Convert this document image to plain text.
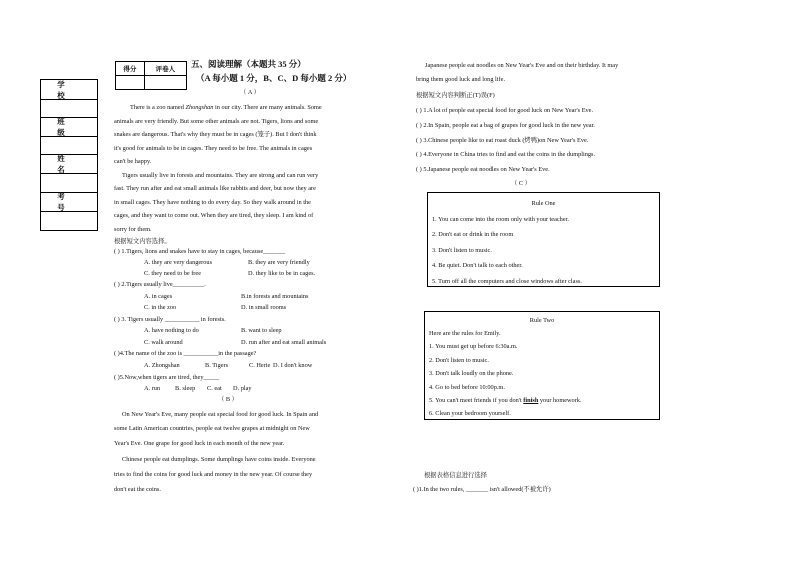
学 校
班 级
姓 名
考 号
得分	评卷人

五、阅读理解（本题共 35 分）
（A 每小题 1 分，B、C、D 每小题 2 分）
（ A ）
There is a zoo named Zhongshan in our city. There are many animals. Some
animals are very friendly. But some other animals are not. Tigers, lions and some
snakes are dangerous. That's why they must be in cages (笼子). But I don't think
it's good for animals to be in cages. They need to be free. The animals in cages
can't be happy.
Tigers usually live in forests and mountains. They are strong and can run very
fast. They run after and eat small animals like rabbits and deer, but now they are
in small cages. They have nothing to do every day. So they walk around in the
cages, and they want to come out. When they are tired, they sleep. I am kind of
sorry for them.
根据短文内容选择。
( ) 1.Tigers, lions and snakes have to stay in cages, because_______
A. they are very dangerous	B. they are very friendly
C. they need to be free	D. they like to be in cages.
( ) 2.Tigers usually live__________.
A. in cages	B.in forests and mountains
C. in the zoo	D. in small rooms
( ) 3. Tigers usually ___________ in forests.
A. have nothing to do	B. want to sleep
C. walk around	D. run after and eat small animals
( )4.The name of the zoo is ___________in the passage?
A. Zhongshan	B. Tigers	C. Herie D. I don't know
( )5.Now,when tigers are tired, they_____
A. run B. sleep C. eat D. play
（ B ）
On New Year's Eve, many people eat special food for good luck. In Spain and
some Latin American countries, people eat twelve grapes at midnight on New
Year's Eve. One grape for good luck in each month of the new year.
Chinese people eat dumplings. Some dumplings have coins inside. Everyone
tries to find the coins for good luck and money in the new year. Of course they
don't eat the coins.
Japanese people eat noodles on New Year's Eve and on their birthday. It may
bring them good luck and long life.
根据短文内容判断正(T)误(F)
( ) 1.A lot of people eat special food for good luck on New Year's Eve.
( ) 2.In Spain, people eat a bag of grapes for good luck in the new year.
( ) 3.Chinese people like to eat roast duck (烤鸭)on New Year's Eve.
( ) 4.Everyone in China tries to find and eat the coins in the dumplings.
( ) 5.Japanese people eat noodles on New Year's Eve.
（ C ）
Rule One
1. You can come into the room only with your teacher.
2. Don't eat or drink in the room
3. Don't listen to music.
4. Be quiet. Don't talk to each other.
5. Turn off all the computers and close windows after class.
Rule Two
Here are the rules for Emily.
1. You must get up before 6:30a.m.
2. Don't listen to music.
3. Don't talk loudly on the phone.
4. Go to bed before 10:00p.m.
5. You can't meet friends if you don't finish your homework.
6. Clean your bedroom yourself.
根据表格信息进行选择
( )1.In the two rules, _______ isn't allowed(不被允许)
